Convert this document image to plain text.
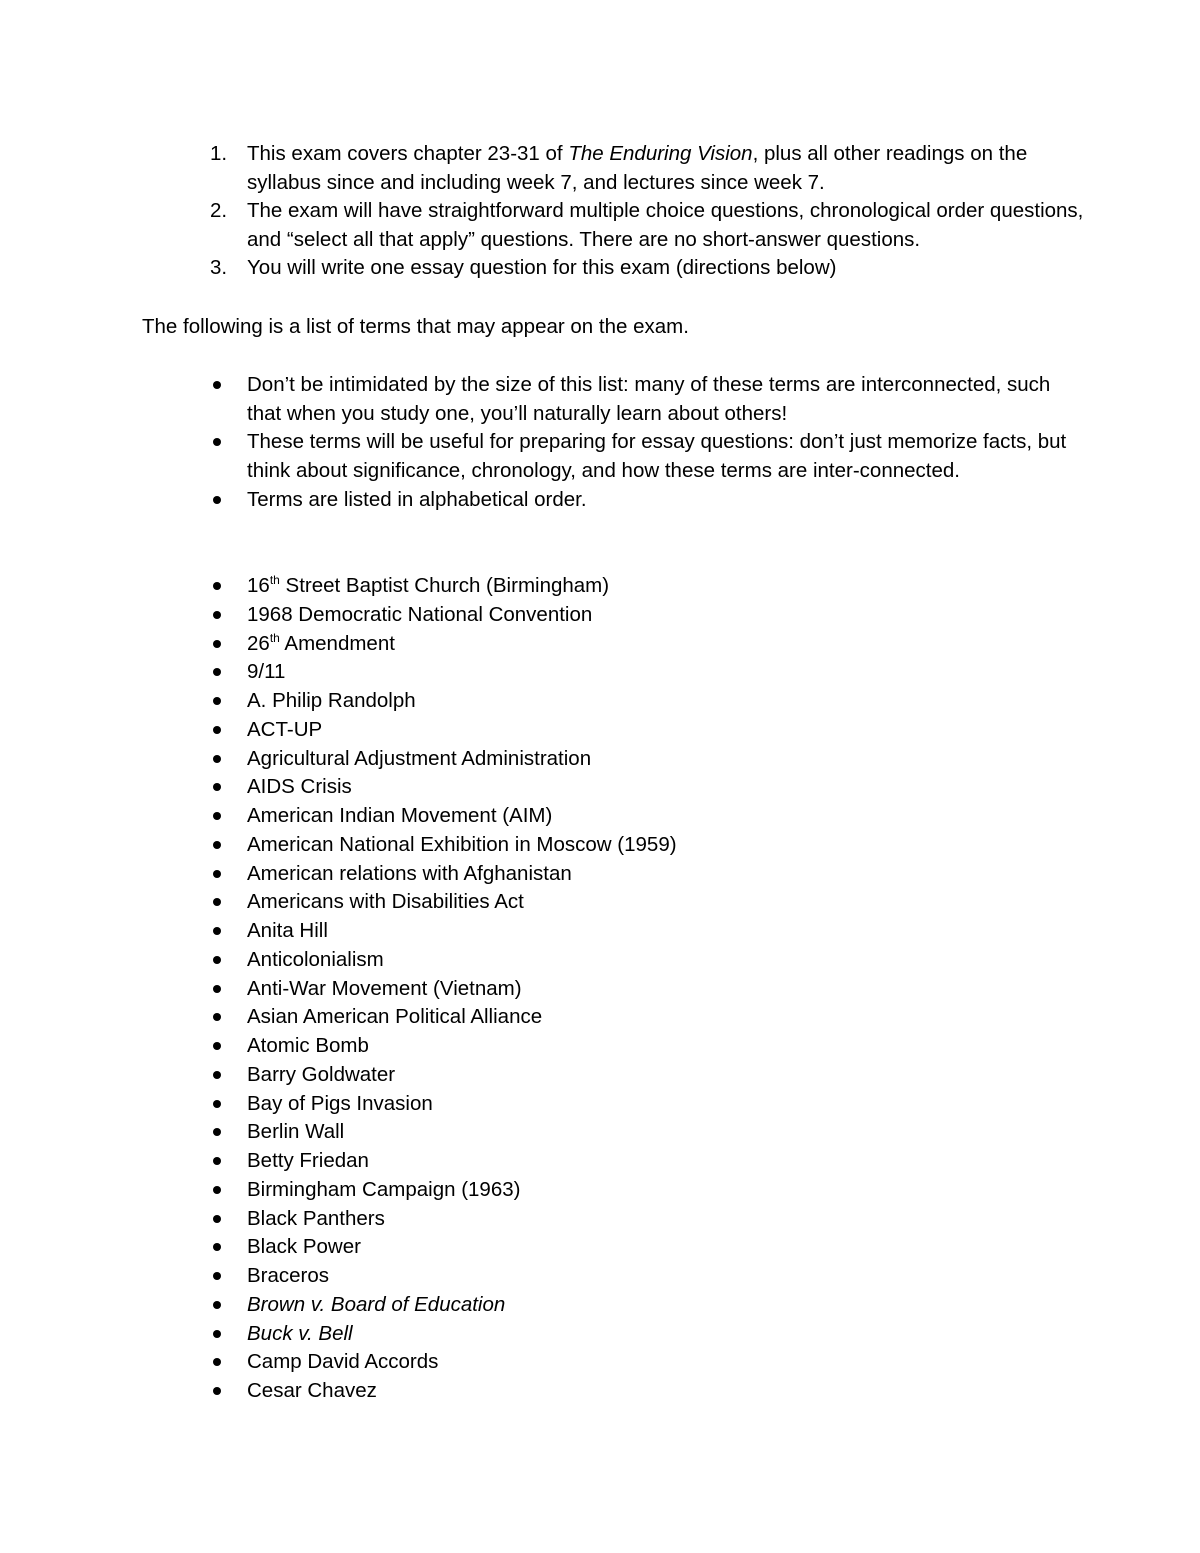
1. This exam covers chapter 23-31 of The Enduring Vision, plus all other readings on the syllabus since and including week 7, and lectures since week 7.
2. The exam will have straightforward multiple choice questions, chronological order questions, and “select all that apply” questions. There are no short-answer questions.
3. You will write one essay question for this exam (directions below)

The following is a list of terms that may appear on the exam.

Don’t be intimidated by the size of this list: many of these terms are interconnected, such that when you study one, you’ll naturally learn about others!
These terms will be useful for preparing for essay questions: don’t just memorize facts, but think about significance, chronology, and how these terms are inter-connected.
Terms are listed in alphabetical order.
16th Street Baptist Church (Birmingham)
1968 Democratic National Convention
26th Amendment
9/11
A. Philip Randolph
ACT-UP
Agricultural Adjustment Administration
AIDS Crisis
American Indian Movement (AIM)
American National Exhibition in Moscow (1959)
American relations with Afghanistan
Americans with Disabilities Act
Anita Hill
Anticolonialism
Anti-War Movement (Vietnam)
Asian American Political Alliance
Atomic Bomb
Barry Goldwater
Bay of Pigs Invasion
Berlin Wall
Betty Friedan
Birmingham Campaign (1963)
Black Panthers
Black Power
Braceros
Brown v. Board of Education
Buck v. Bell
Camp David Accords
Cesar Chavez
